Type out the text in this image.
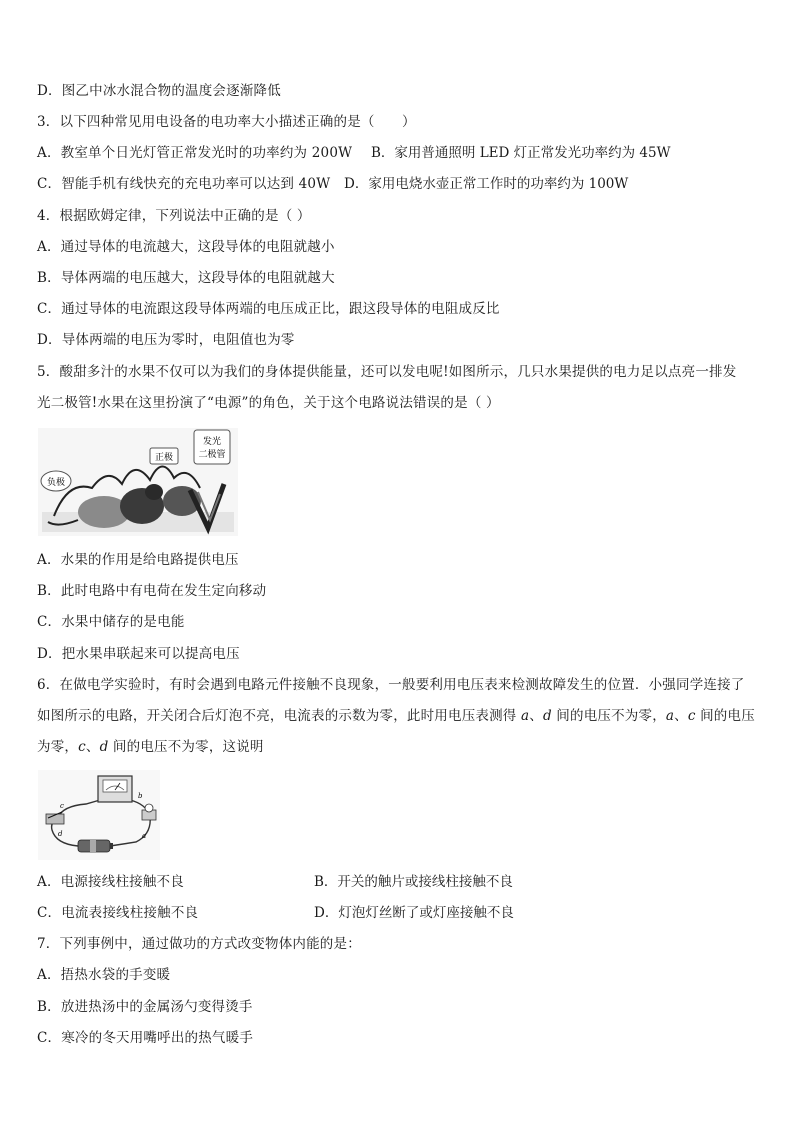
D．图乙中冰水混合物的温度会逐渐降低
3．以下四种常见用电设备的电功率大小描述正确的是（　　）
A．教室单个日光灯管正常发光时的功率约为 200W B．家用普通照明 LED 灯正常发光功率约为 45W
C．智能手机有线快充的充电功率可以达到 40W D．家用电烧水壶正常工作时的功率约为 100W
4．根据欧姆定律，下列说法中正确的是（ ）
A．通过导体的电流越大，这段导体的电阻就越小
B．导体两端的电压越大，这段导体的电阻就越大
C．通过导体的电流跟这段导体两端的电压成正比，跟这段导体的电阻成反比
D．导体两端的电压为零时，电阻值也为零
5．酸甜多汁的水果不仅可以为我们的身体提供能量，还可以发电呢!如图所示，几只水果提供的电力足以点亮一排发
光二极管!水果在这里扮演了“电源”的角色，关于这个电路说法错误的是（ ）
负极
正极
发光
二极管
A．水果的作用是给电路提供电压
B．此时电路中有电荷在发生定向移动
C．水果中储存的是电能
D．把水果串联起来可以提高电压
6．在做电学实验时，有时会遇到电路元件接触不良现象，一般要利用电压表来检测故障发生的位置．小强同学连接了
如图所示的电路，开关闭合后灯泡不亮，电流表的示数为零，此时用电压表测得 a、d 间的电压不为零，a、c 间的电压
为零，c、d 间的电压不为零，这说明
b
a
c
d
A．电源接线柱接触不良	B．开关的触片或接线柱接触不良
C．电流表接线柱接触不良	D．灯泡灯丝断了或灯座接触不良
7．下列事例中，通过做功的方式改变物体内能的是：
A．捂热水袋的手变暖
B．放进热汤中的金属汤勺变得烫手
C．寒冷的冬天用嘴呼出的热气暖手
